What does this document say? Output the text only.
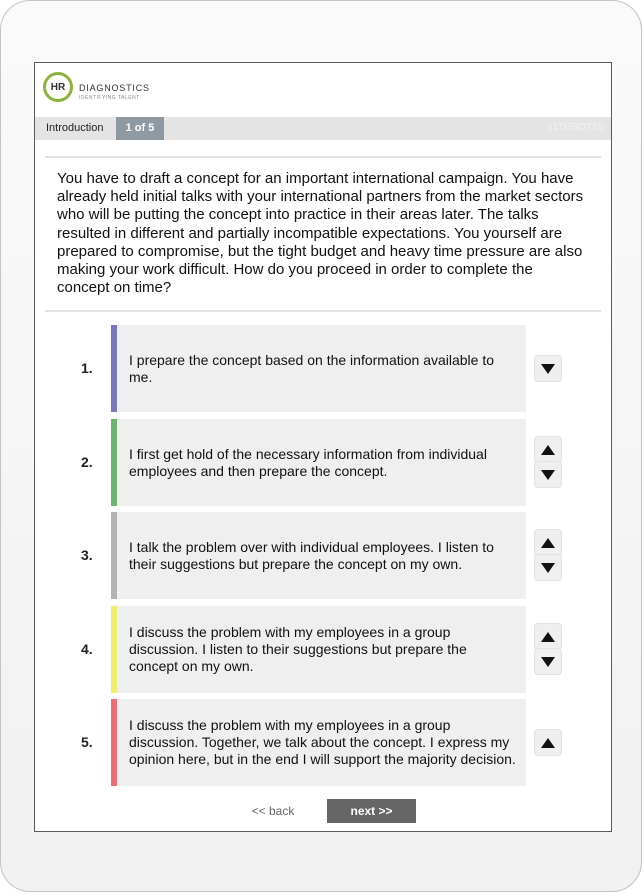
HR	DIAGNOSTICS
IDENTIFYING TALENT
Introduction	1 of 5	11THSOT10
You have to draft a concept for an important international campaign. You have already held initial talks with your international partners from the market sectors who will be putting the concept into practice in their areas later. The talks resulted in different and partially incompatible expectations. You yourself are prepared to compromise, but the tight budget and heavy time pressure are also making your work difficult. How do you proceed in order to complete the concept on time?
1.
I prepare the concept based on the information available to me.
2.
I first get hold of the necessary information from individual employees and then prepare the concept.
3.
I talk the problem over with individual employees. I listen to their suggestions but prepare the concept on my own.
4.
I discuss the problem with my employees in a group discussion. I listen to their suggestions but prepare the concept on my own.
5.
I discuss the problem with my employees in a group discussion. Together, we talk about the concept. I express my opinion here, but in the end I will support the majority decision.
<< back	next >>
